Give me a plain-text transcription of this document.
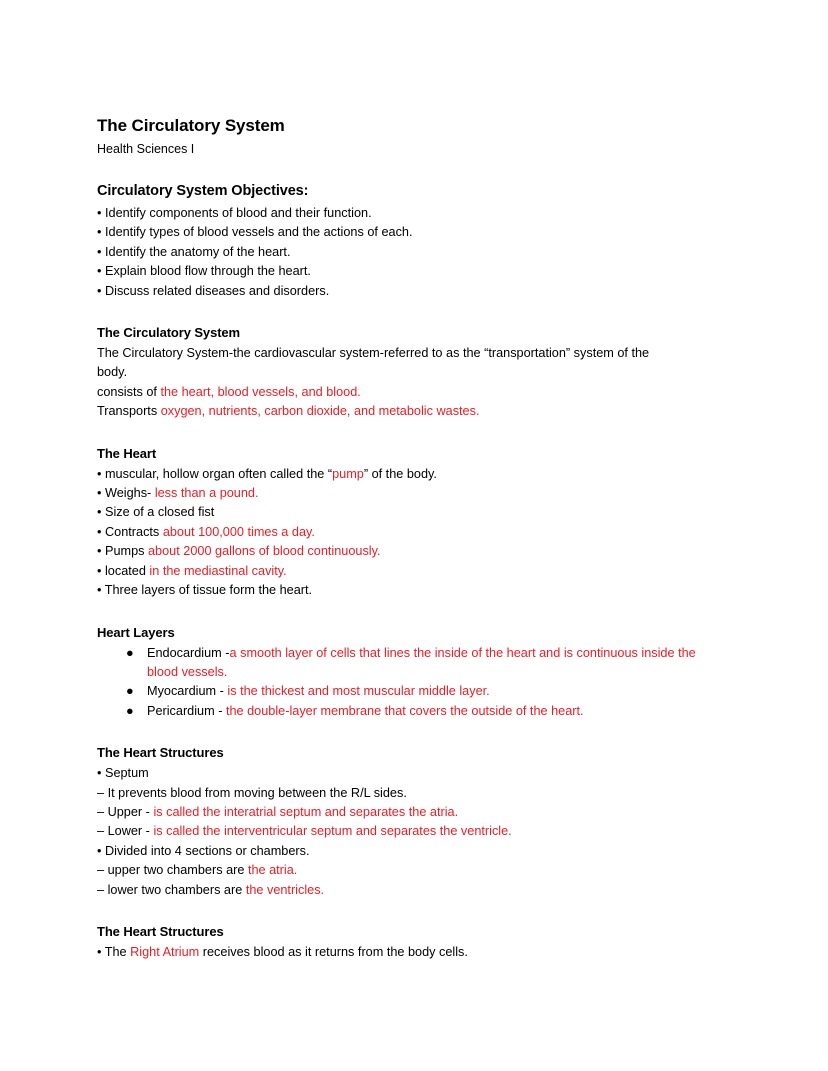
The Circulatory System

Health Sciences I

Circulatory System Objectives:

• Identify components of blood and their function.

• Identify types of blood vessels and the actions of each.

• Identify the anatomy of the heart.

• Explain blood flow through the heart.

• Discuss related diseases and disorders.

The Circulatory System

The Circulatory System-the cardiovascular system-referred to as the “transportation” system of the body.

consists of the heart, blood vessels, and blood.

Transports oxygen, nutrients, carbon dioxide, and metabolic wastes.

The Heart

• muscular, hollow organ often called the “pump” of the body.

• Weighs- less than a pound.

• Size of a closed fist

• Contracts about 100,000 times a day.

• Pumps about 2000 gallons of blood continuously.

• located in the mediastinal cavity.

• Three layers of tissue form the heart.

Heart Layers
● Endocardium -a smooth layer of cells that lines the inside of the heart and is continuous inside the blood vessels.
● Myocardium - is the thickest and most muscular middle layer.
● Pericardium - the double-layer membrane that covers the outside of the heart.
The Heart Structures

• Septum

– It prevents blood from moving between the R/L sides.

– Upper - is called the interatrial septum and separates the atria.

– Lower - is called the interventricular septum and separates the ventricle.

• Divided into 4 sections or chambers.

– upper two chambers are the atria.

– lower two chambers are the ventricles.

The Heart Structures

• The Right Atrium receives blood as it returns from the body cells.
